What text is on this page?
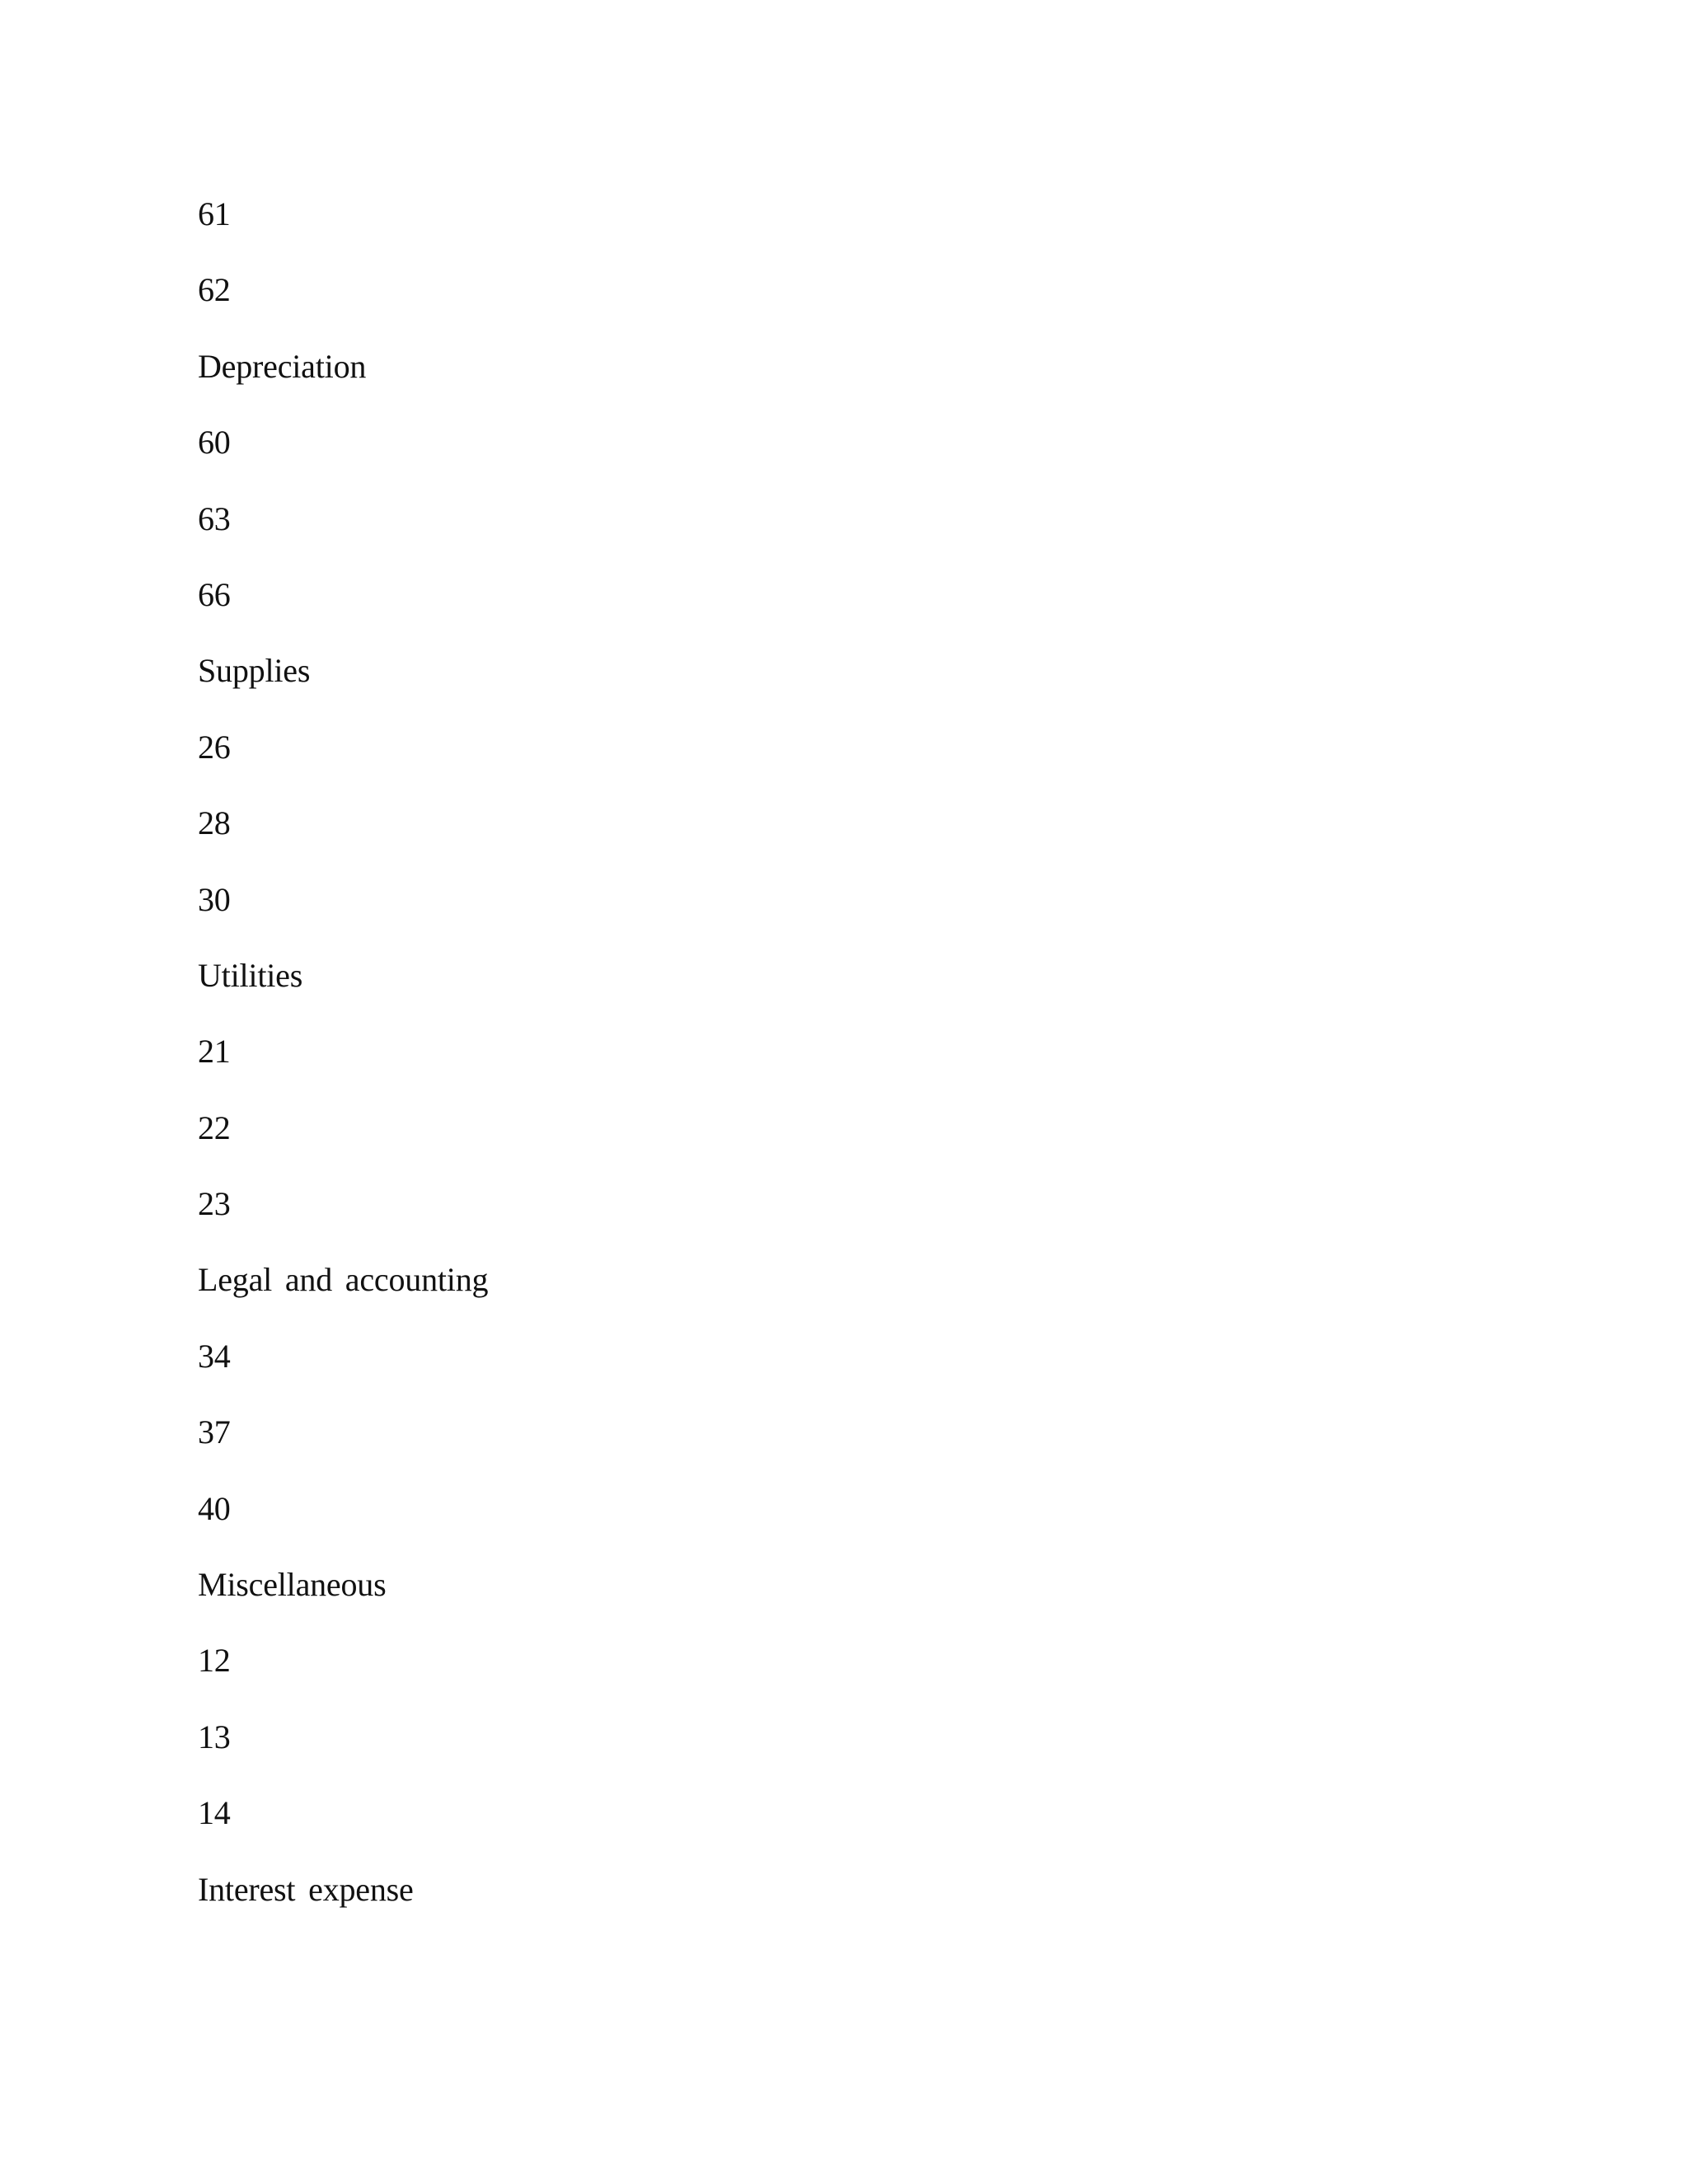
61
62
Depreciation
60
63
66
Supplies
26
28
30
Utilities
21
22
23
Legal and accounting
34
37
40
Miscellaneous
12
13
14
Interest expense
